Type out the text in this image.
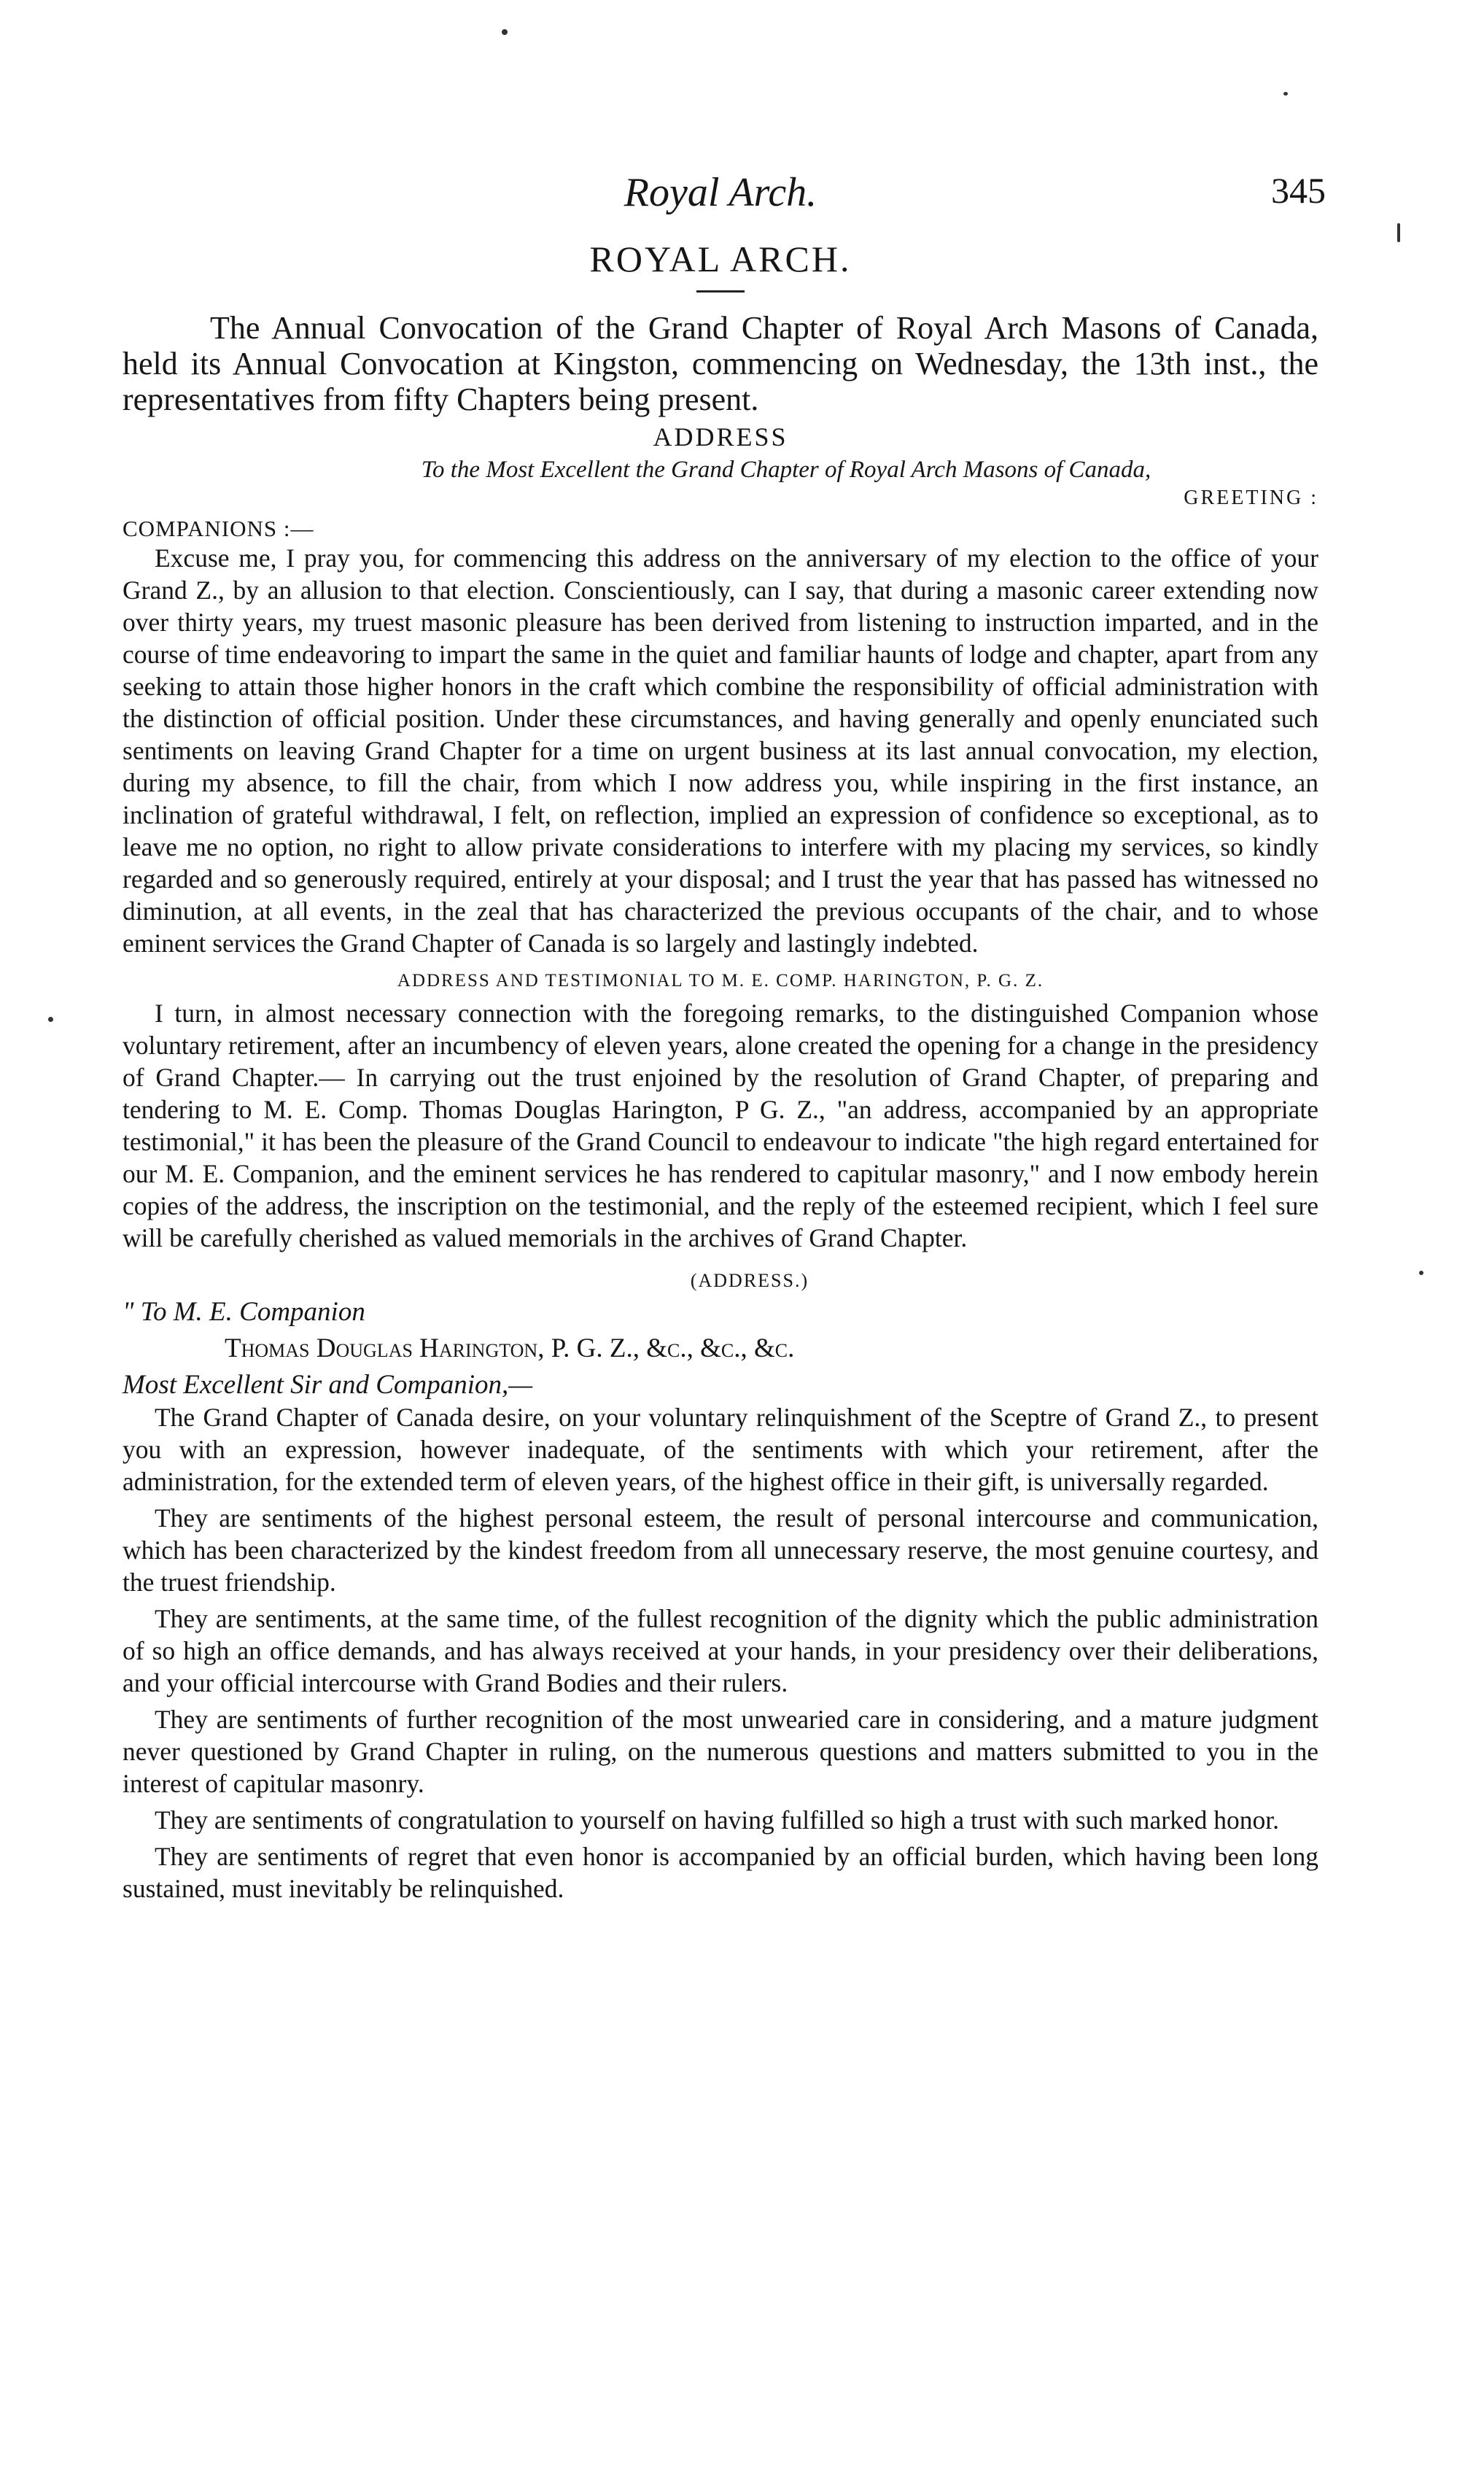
Royal Arch.	345
ROYAL ARCH.

The Annual Convocation of the Grand Chapter of Royal Arch Masons of Canada, held its Annual Convocation at Kingston, commencing on Wednesday, the 13th inst., the representatives from fifty Chapters being present.

ADDRESS
To the Most Excellent the Grand Chapter of Royal Arch Masons of Canada,
GREETING :
COMPANIONS :—

Excuse me, I pray you, for commencing this address on the anniversary of my election to the office of your Grand Z., by an allusion to that election. Conscientiously, can I say, that during a masonic career extending now over thirty years, my truest masonic pleasure has been derived from listening to instruction imparted, and in the course of time endeavoring to impart the same in the quiet and familiar haunts of lodge and chapter, apart from any seeking to attain those higher honors in the craft which combine the responsibility of official administration with the distinction of official position. Under these circumstances, and having generally and openly enunciated such sentiments on leaving Grand Chapter for a time on urgent business at its last annual convocation, my election, during my absence, to fill the chair, from which I now address you, while inspiring in the first instance, an inclination of grateful withdrawal, I felt, on reflection, implied an expression of confidence so exceptional, as to leave me no option, no right to allow private considerations to interfere with my placing my services, so kindly regarded and so generously required, entirely at your disposal; and I trust the year that has passed has witnessed no diminution, at all events, in the zeal that has characterized the previous occupants of the chair, and to whose eminent services the Grand Chapter of Canada is so largely and lastingly indebted.

ADDRESS AND TESTIMONIAL TO M. E. COMP. HARINGTON, P. G. Z.

I turn, in almost necessary connection with the foregoing remarks, to the distinguished Companion whose voluntary retirement, after an incumbency of eleven years, alone created the opening for a change in the presidency of Grand Chapter.— In carrying out the trust enjoined by the resolution of Grand Chapter, of preparing and tendering to M. E. Comp. Thomas Douglas Harington, P G. Z., "an address, accompanied by an appropriate testimonial," it has been the pleasure of the Grand Council to endeavour to indicate "the high regard entertained for our M. E. Companion, and the eminent services he has rendered to capitular masonry," and I now embody herein copies of the address, the inscription on the testimonial, and the reply of the esteemed recipient, which I feel sure will be carefully cherished as valued memorials in the archives of Grand Chapter.

(ADDRESS.)

" To M. E. Companion

Thomas Douglas Harington, P. G. Z., &c., &c., &c.

Most Excellent Sir and Companion,—

The Grand Chapter of Canada desire, on your voluntary relinquishment of the Sceptre of Grand Z., to present you with an expression, however inadequate, of the sentiments with which your retirement, after the administration, for the extended term of eleven years, of the highest office in their gift, is universally regarded.

They are sentiments of the highest personal esteem, the result of personal intercourse and communication, which has been characterized by the kindest freedom from all unnecessary reserve, the most genuine courtesy, and the truest friendship.

They are sentiments, at the same time, of the fullest recognition of the dignity which the public administration of so high an office demands, and has always received at your hands, in your presidency over their deliberations, and your official intercourse with Grand Bodies and their rulers.

They are sentiments of further recognition of the most unwearied care in considering, and a mature judgment never questioned by Grand Chapter in ruling, on the numerous questions and matters submitted to you in the interest of capitular masonry.

They are sentiments of congratulation to yourself on having fulfilled so high a trust with such marked honor.

They are sentiments of regret that even honor is accompanied by an official burden, which having been long sustained, must inevitably be relinquished.
